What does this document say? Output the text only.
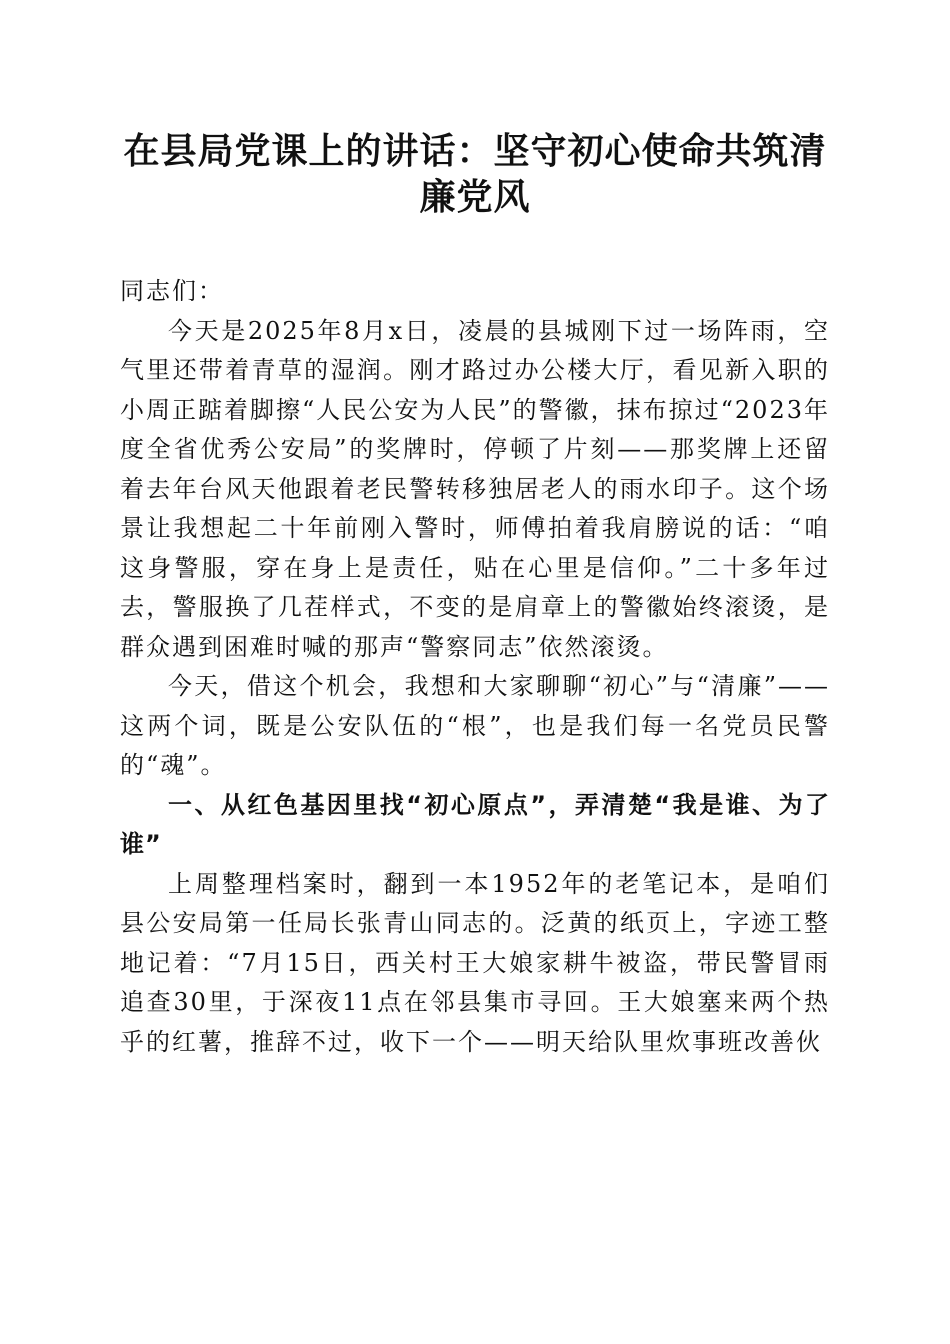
在县局党课上的讲话：坚守初心使命共筑清廉党风

同志们：

今天是2025年8月x日，凌晨的县城刚下过一场阵雨，空气里还带着青草的湿润。刚才路过办公楼大厅，看见新入职的小周正踮着脚擦“人民公安为人民”的警徽，抹布掠过“2023年度全省优秀公安局”的奖牌时，停顿了片刻——那奖牌上还留着去年台风天他跟着老民警转移独居老人的雨水印子。这个场景让我想起二十年前刚入警时，师傅拍着我肩膀说的话：“咱这身警服，穿在身上是责任，贴在心里是信仰。”二十多年过去，警服换了几茬样式，不变的是肩章上的警徽始终滚烫，是群众遇到困难时喊的那声“警察同志”依然滚烫。

今天，借这个机会，我想和大家聊聊“初心”与“清廉”——这两个词，既是公安队伍的“根”，也是我们每一名党员民警的“魂”。

一、从红色基因里找“初心原点”，弄清楚“我是谁、为了谁”

上周整理档案时，翻到一本1952年的老笔记本，是咱们县公安局第一任局长张青山同志的。泛黄的纸页上，字迹工整地记着：“7月15日，西关村王大娘家耕牛被盗，带民警冒雨追查30里，于深夜11点在邻县集市寻回。王大娘塞来两个热乎的红薯，推辞不过，收下一个——明天给队里炊事班改善伙
